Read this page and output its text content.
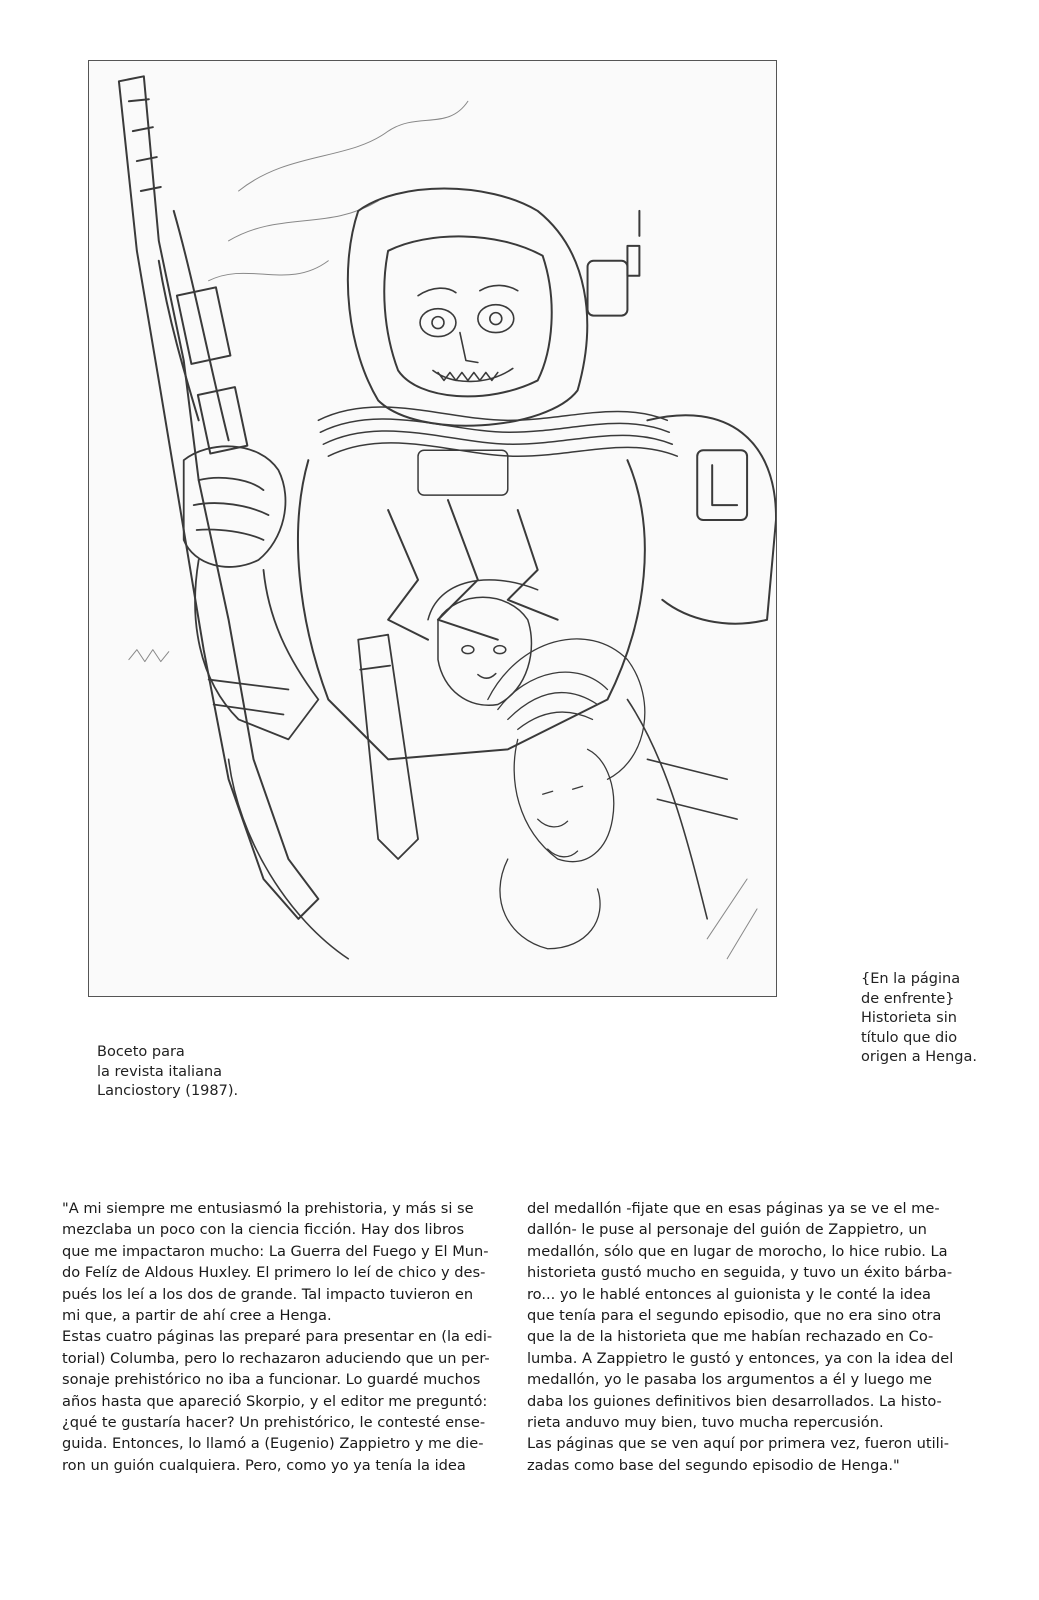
Boceto para
la revista italiana
Lanciostory (1987).
{En la página
de enfrente}
Historieta sin
título que dio
origen a Henga.
"A mi siempre me entusiasmó la prehistoria, y más si se
mezclaba un poco con la ciencia ficción. Hay dos libros
que me impactaron mucho: La Guerra del Fuego y El Mun-
do Felíz de Aldous Huxley. El primero lo leí de chico y des-
pués los leí a los dos de grande. Tal impacto tuvieron en
mi que, a partir de ahí cree a Henga.
Estas cuatro páginas las preparé para presentar en (la edi-
torial) Columba, pero lo rechazaron aduciendo que un per-
sonaje prehistórico no iba a funcionar. Lo guardé muchos
años hasta que apareció Skorpio, y el editor me preguntó:
¿qué te gustaría hacer? Un prehistórico, le contesté ense-
guida. Entonces, lo llamó a (Eugenio) Zappietro y me die-
ron un guión cualquiera. Pero, como yo ya tenía la idea
del medallón -fijate que en esas páginas ya se ve el me-
dallón- le puse al personaje del guión de Zappietro, un
medallón, sólo que en lugar de morocho, lo hice rubio. La
historieta gustó mucho en seguida, y tuvo un éxito bárba-
ro... yo le hablé entonces al guionista y le conté la idea
que tenía para el segundo episodio, que no era sino otra
que la de la historieta que me habían rechazado en Co-
lumba. A Zappietro le gustó y entonces, ya con la idea del
medallón, yo le pasaba los argumentos a él y luego me
daba los guiones definitivos bien desarrollados. La histo-
rieta anduvo muy bien, tuvo mucha repercusión.
Las páginas que se ven aquí por primera vez, fueron utili-
zadas como base del segundo episodio de Henga."
